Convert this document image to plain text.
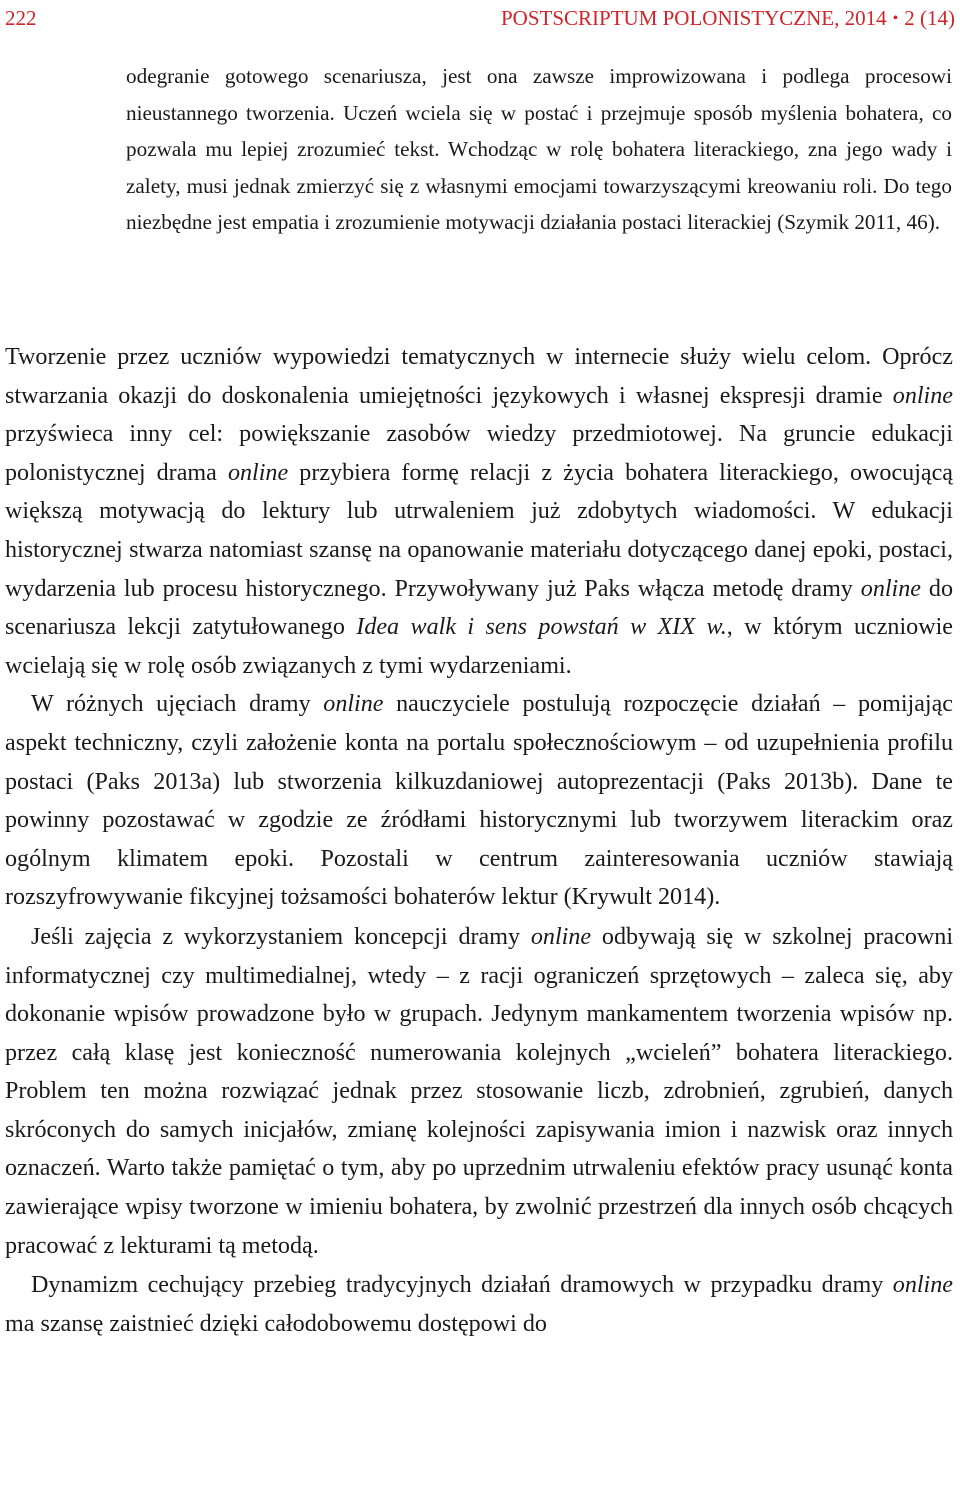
222	POSTSCRIPTUM POLONISTYCZNE, 2014 • 2 (14)

odegranie gotowego scenariusza, jest ona zawsze improwizowana i podlega procesowi nieustannego tworzenia. Uczeń wciela się w postać i przejmuje sposób myślenia bohatera, co pozwala mu lepiej zrozumieć tekst. Wchodząc w rolę bohatera literackiego, zna jego wady i zalety, musi jednak zmierzyć się z własnymi emocjami towarzyszącymi kreowaniu roli. Do tego niezbędne jest empatia i zrozumienie motywacji działania postaci literackiej (Szymik 2011, 46).

Tworzenie przez uczniów wypowiedzi tematycznych w internecie służy wielu celom. Oprócz stwarzania okazji do doskonalenia umiejętności językowych i własnej ekspresji dramie online przyświeca inny cel: powiększanie zasobów wiedzy przedmiotowej. Na gruncie edukacji polonistycznej drama online przybiera formę relacji z życia bohatera literackiego, owocującą większą motywacją do lektury lub utrwaleniem już zdobytych wiadomości. W edukacji historycznej stwarza natomiast szansę na opanowanie materiału dotyczącego danej epoki, postaci, wydarzenia lub procesu historycznego. Przywoływany już Paks włącza metodę dramy online do scenariusza lekcji zatytułowanego Idea walk i sens powstań w XIX w., w którym uczniowie wcielają się w rolę osób związanych z tymi wydarzeniami.

W różnych ujęciach dramy online nauczyciele postulują rozpoczęcie działań – pomijając aspekt techniczny, czyli założenie konta na portalu społecznościowym – od uzupełnienia profilu postaci (Paks 2013a) lub stworzenia kilkuzdaniowej autoprezentacji (Paks 2013b). Dane te powinny pozostawać w zgodzie ze źródłami historycznymi lub tworzywem literackim oraz ogólnym klimatem epoki. Pozostali w centrum zainteresowania uczniów stawiają rozszyfrowywanie fikcyjnej tożsamości bohaterów lektur (Krywult 2014).

Jeśli zajęcia z wykorzystaniem koncepcji dramy online odbywają się w szkolnej pracowni informatycznej czy multimedialnej, wtedy – z racji ograniczeń sprzętowych – zaleca się, aby dokonanie wpisów prowadzone było w grupach. Jedynym mankamentem tworzenia wpisów np. przez całą klasę jest konieczność numerowania kolejnych „wcieleń” bohatera literackiego. Problem ten można rozwiązać jednak przez stosowanie liczb, zdrobnień, zgrubień, danych skróconych do samych inicjałów, zmianę kolejności zapisywania imion i nazwisk oraz innych oznaczeń. Warto także pamiętać o tym, aby po uprzednim utrwaleniu efektów pracy usunąć konta zawierające wpisy tworzone w imieniu bohatera, by zwolnić przestrzeń dla innych osób chcących pracować z lekturami tą metodą.

Dynamizm cechujący przebieg tradycyjnych działań dramowych w przypadku dramy online ma szansę zaistnieć dzięki całodobowemu dostępowi do
